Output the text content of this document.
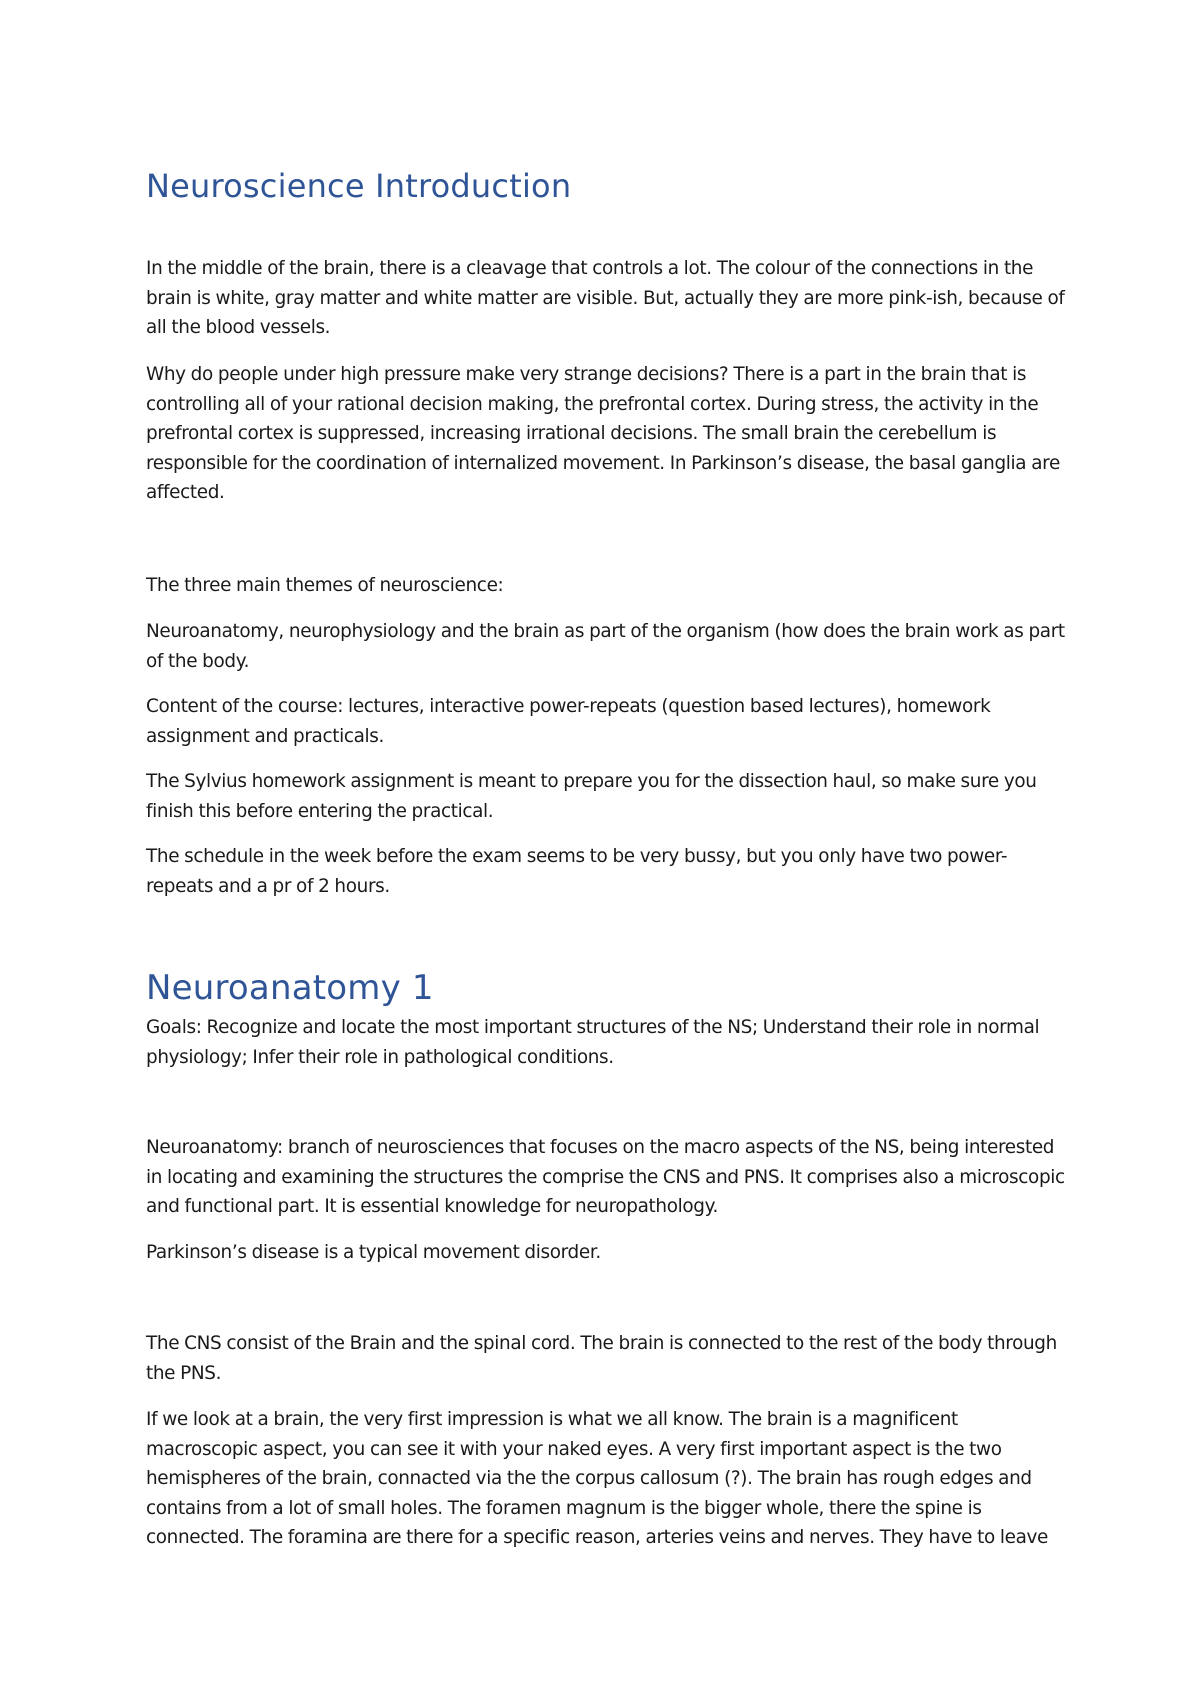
Neuroscience Introduction

In the middle of the brain, there is a cleavage that controls a lot. The colour of the connections in the brain is white, gray matter and white matter are visible. But, actually they are more pink-ish, because of all the blood vessels.

Why do people under high pressure make very strange decisions? There is a part in the brain that is controlling all of your rational decision making, the prefrontal cortex. During stress, the activity in the prefrontal cortex is suppressed, increasing irrational decisions. The small brain the cerebellum is responsible for the coordination of internalized movement. In Parkinson’s disease, the basal ganglia are affected.

The three main themes of neuroscience:

Neuroanatomy, neurophysiology and the brain as part of the organism (how does the brain work as part of the body.

Content of the course: lectures, interactive power-repeats (question based lectures), homework assignment and practicals.

The Sylvius homework assignment is meant to prepare you for the dissection haul, so make sure you finish this before entering the practical.

The schedule in the week before the exam seems to be very bussy, but you only have two power-repeats and a pr of 2 hours.

Neuroanatomy 1

Goals: Recognize and locate the most important structures of the NS; Understand their role in normal physiology; Infer their role in pathological conditions.

Neuroanatomy: branch of neurosciences that focuses on the macro aspects of the NS, being interested in locating and examining the structures the comprise the CNS and PNS. It comprises also a microscopic and functional part. It is essential knowledge for neuropathology.

Parkinson’s disease is a typical movement disorder.

The CNS consist of the Brain and the spinal cord. The brain is connected to the rest of the body through the PNS.

If we look at a brain, the very first impression is what we all know. The brain is a magnificent macroscopic aspect, you can see it with your naked eyes. A very first important aspect is the two hemispheres of the brain, connacted via the the corpus callosum (?). The brain has rough edges and contains from a lot of small holes. The foramen magnum is the bigger whole, there the spine is connected. The foramina are there for a specific reason, arteries veins and nerves. They have to leave
